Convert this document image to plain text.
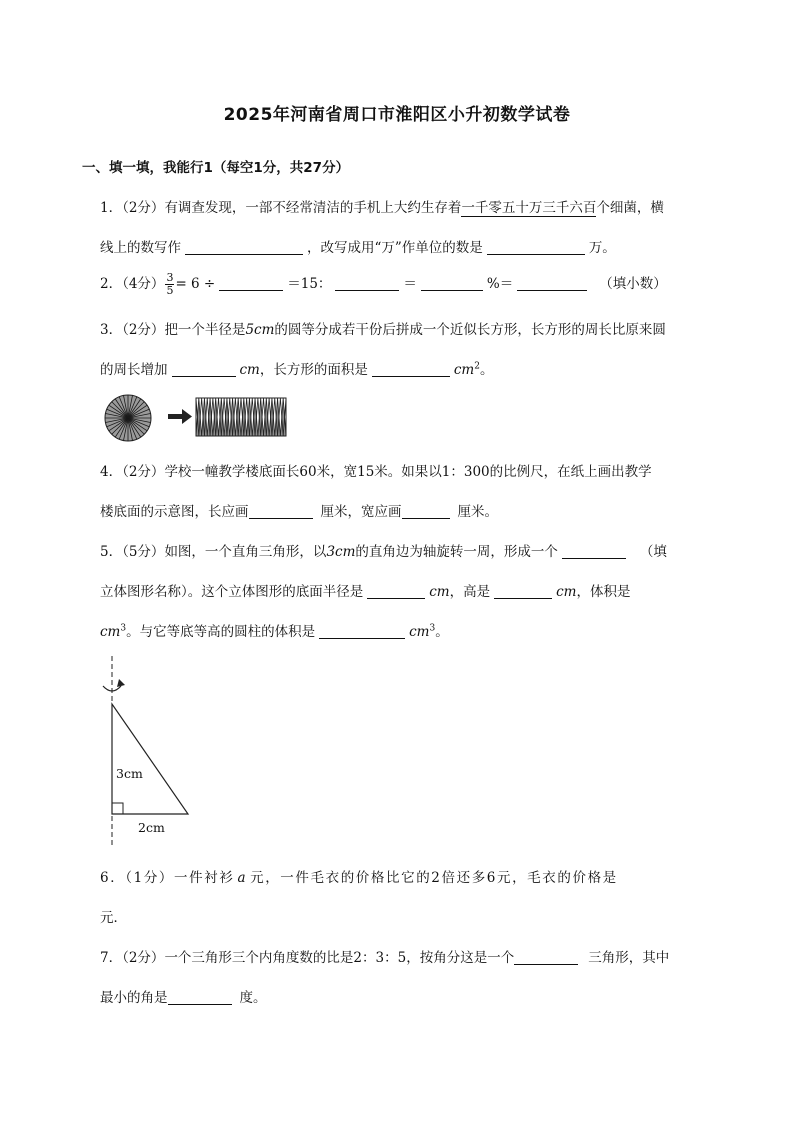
2025年河南省周口市淮阳区小升初数学试卷
一、填一填，我能行1（每空1分，共27分）
1．（2分）有调查发现，一部不经常清洁的手机上大约生存着一千零五十万三千六百个细菌，横
线上的数写作	，改写成用“万”作单位的数是	万。
2．（4分） $\frac{3}{5} = 6$ ÷	＝15：	＝	%＝	（填小数）
3．（2分）把一个半径是5cm的圆等分成若干份后拼成一个近似长方形，长方形的周长比原来圆
的周长增加	cm，长方形的面积是	$cm^2$。
4．（2分）学校一幢教学楼底面长60米，宽15米。如果以1：300的比例尺，在纸上画出教学
楼底面的示意图，长应画	厘米，宽应画	厘米。
5．（5分）如图，一个直角三角形，以3cm的直角边为轴旋转一周，形成一个	（填
立体图形名称）。这个立体图形的底面半径是	cm，高是	cm，体积是
$cm^3$。与它等底等高的圆柱的体积是	$cm^3$。
3cm
2cm
6．（1分）一件衬衫 a 元，一件毛衣的价格比它的2倍还多6元，毛衣的价格是
元．
7．（2分）一个三角形三个内角度数的比是2：3：5，按角分这是一个	三角形，其中
最小的角是	度。
